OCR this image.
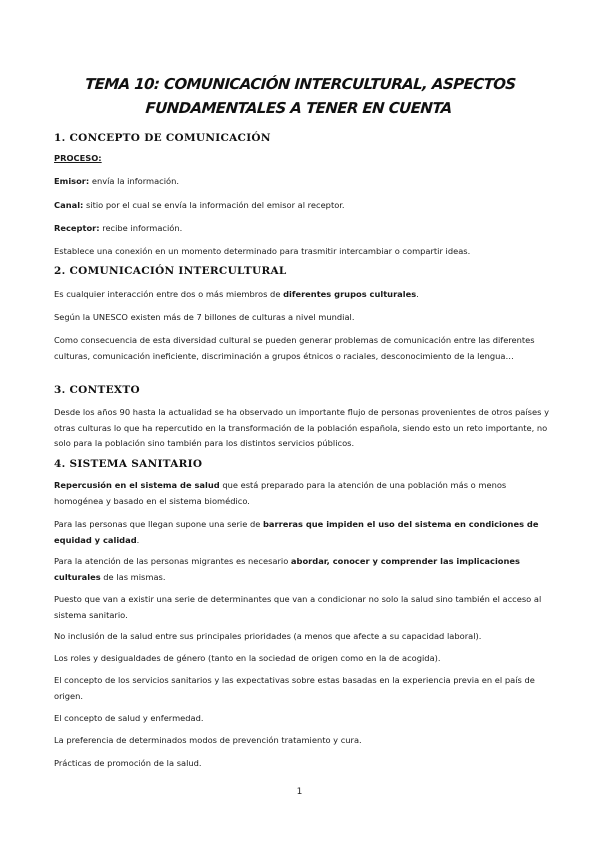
TEMA 10: COMUNICACIÓN INTERCULTURAL, ASPECTOS FUNDAMENTALES A TENER EN CUENTA
1. CONCEPTO DE COMUNICACIÓN
PROCESO:
Emisor: envía la información.
Canal: sitio por el cual se envía la información del emisor al receptor.
Receptor: recibe información.
Establece una conexión en un momento determinado para trasmitir intercambiar o compartir ideas.
2. COMUNICACIÓN INTERCULTURAL
Es cualquier interacción entre dos o más miembros de diferentes grupos culturales.
Según la UNESCO existen más de 7 billones de culturas a nivel mundial.
Como consecuencia de esta diversidad cultural se pueden generar problemas de comunicación entre las diferentes culturas, comunicación ineficiente, discriminación a grupos étnicos o raciales, desconocimiento de la lengua…
3. CONTEXTO
Desde los años 90 hasta la actualidad se ha observado un importante flujo de personas provenientes de otros países y otras culturas lo que ha repercutido en la transformación de la población española, siendo esto un reto importante, no solo para la población sino también para los distintos servicios públicos.
4. SISTEMA SANITARIO
Repercusión en el sistema de salud que está preparado para la atención de una población más o menos homogénea y basado en el sistema biomédico.
Para las personas que llegan supone una serie de barreras que impiden el uso del sistema en condiciones de equidad y calidad.
Para la atención de las personas migrantes es necesario abordar, conocer y comprender las implicaciones culturales de las mismas.
Puesto que van a existir una serie de determinantes que van a condicionar no solo la salud sino también el acceso al sistema sanitario.
No inclusión de la salud entre sus principales prioridades (a menos que afecte a su capacidad laboral).
Los roles y desigualdades de género (tanto en la sociedad de origen como en la de acogida).
El concepto de los servicios sanitarios y las expectativas sobre estas basadas en la experiencia previa en el país de origen.
El concepto de salud y enfermedad.
La preferencia de determinados modos de prevención tratamiento y cura.
Prácticas de promoción de la salud.
1
